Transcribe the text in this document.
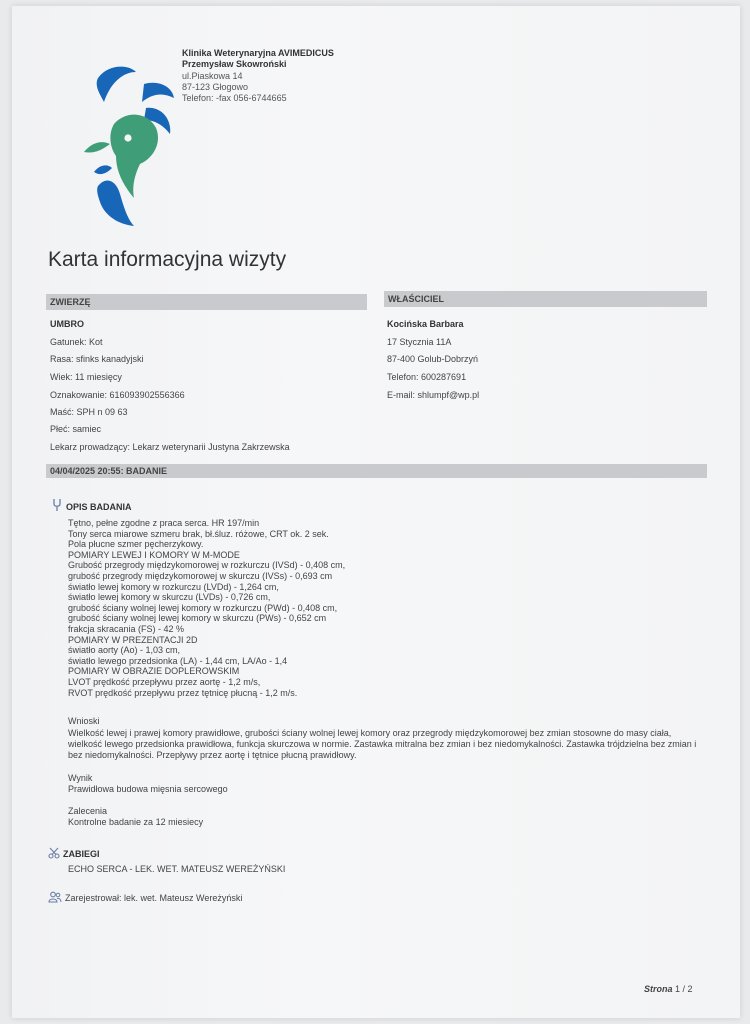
Klinika Weterynaryjna AVIMEDICUS
Przemysław Skowroński
ul.Piaskowa 14
87-123 Głogowo
Telefon: -fax 056-6744665
Karta informacyjna wizyty
ZWIERZĘ	WŁAŚCICIEL
UMBRO
Gatunek: Kot
Rasa: sfinks kanadyjski
Wiek: 11 miesięcy
Oznakowanie: 616093902556366
Maść: SPH n 09 63
Płeć: samiec
Lekarz prowadzący: Lekarz weterynarii Justyna Zakrzewska
Kocińska Barbara
17 Stycznia 11A
87-400 Golub-Dobrzyń
Telefon: 600287691
E-mail: shlumpf@wp.pl
04/04/2025 20:55: BADANIE
OPIS BADANIA
Tętno, pełne zgodne z praca serca. HR 197/min
Tony serca miarowe szmeru brak, bł.śluz. różowe, CRT ok. 2 sek.
Pola płucne szmer pęcherzykowy.
POMIARY LEWEJ I KOMORY W M-MODE
Grubość przegrody międzykomorowej w rozkurczu (IVSd) - 0,408 cm,
grubość przegrody międzykomorowej w skurczu (IVSs) - 0,693 cm
światło lewej komory w rozkurczu (LVDd) - 1,264 cm,
światło lewej komory w skurczu (LVDs) - 0,726 cm,
grubość ściany wolnej lewej komory w rozkurczu (PWd) - 0,408 cm,
grubość ściany wolnej lewej komory w skurczu (PWs) - 0,652 cm
frakcja skracania (FS) - 42 %
POMIARY W PREZENTACJI 2D
światło aorty (Ao) - 1,03 cm,
światło lewego przedsionka (LA) - 1,44 cm, LA/Ao - 1,4
POMIARY W OBRAZIE DOPLEROWSKIM
LVOT prędkość przepływu przez aortę - 1,2 m/s,
RVOT prędkość przepływu przez tętnicę płucną - 1,2 m/s.
Wnioski
Wielkość lewej i prawej komory prawidłowe, grubości ściany wolnej lewej komory oraz przegrody międzykomorowej bez zmian stosowne do masy ciała, wielkość lewego przedsionka prawidłowa, funkcja skurczowa w normie. Zastawka mitralna bez zmian i bez niedomykalności. Zastawka trójdzielna bez zmian i bez niedomykalności. Przepływy przez aortę i tętnice płucną prawidłowy.
Wynik
Prawidłowa budowa mięsnia sercowego
Zalecenia
Kontrolne badanie za 12 miesiecy
ZABIEGI
ECHO SERCA - LEK. WET. MATEUSZ WEREŻYŃSKI
Zarejestrował: lek. wet. Mateusz Wereżyński
Strona 1 / 2
